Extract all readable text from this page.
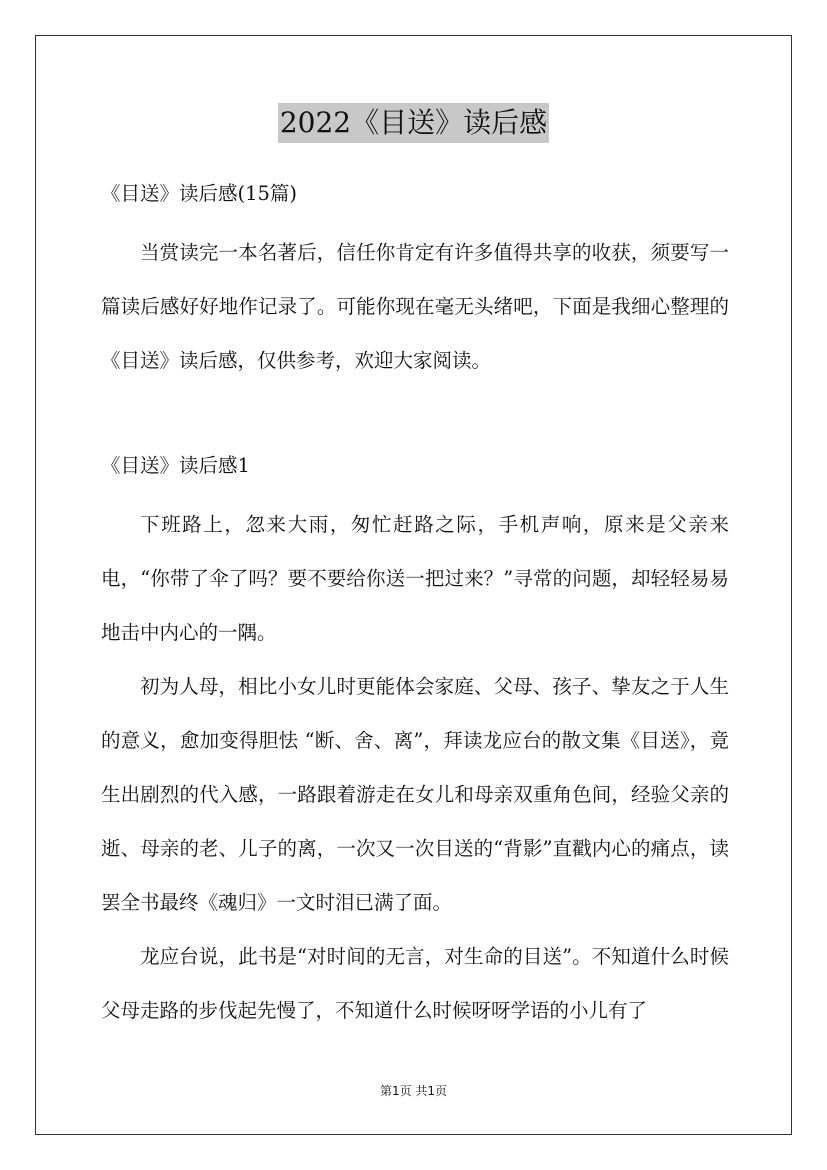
2022《目送》读后感

《目送》读后感(15篇)

当赏读完一本名著后，信任你肯定有许多值得共享的收获，须要写一篇读后感好好地作记录了。可能你现在毫无头绪吧，下面是我细心整理的《目送》读后感，仅供参考，欢迎大家阅读。

《目送》读后感1

下班路上，忽来大雨，匆忙赶路之际，手机声响，原来是父亲来电，“你带了伞了吗？要不要给你送一把过来？”寻常的问题，却轻轻易易地击中内心的一隅。

初为人母，相比小女儿时更能体会家庭、父母、孩子、挚友之于人生的意义，愈加变得胆怯 “断、舍、离”，拜读龙应台的散文集《目送》，竟生出剧烈的代入感，一路跟着游走在女儿和母亲双重角色间，经验父亲的逝、母亲的老、儿子的离，一次又一次目送的“背影”直戳内心的痛点，读罢全书最终《魂归》一文时泪已满了面。

龙应台说，此书是“对时间的无言，对生命的目送”。不知道什么时候父母走路的步伐起先慢了，不知道什么时候呀呀学语的小儿有了

第1页 共1页
